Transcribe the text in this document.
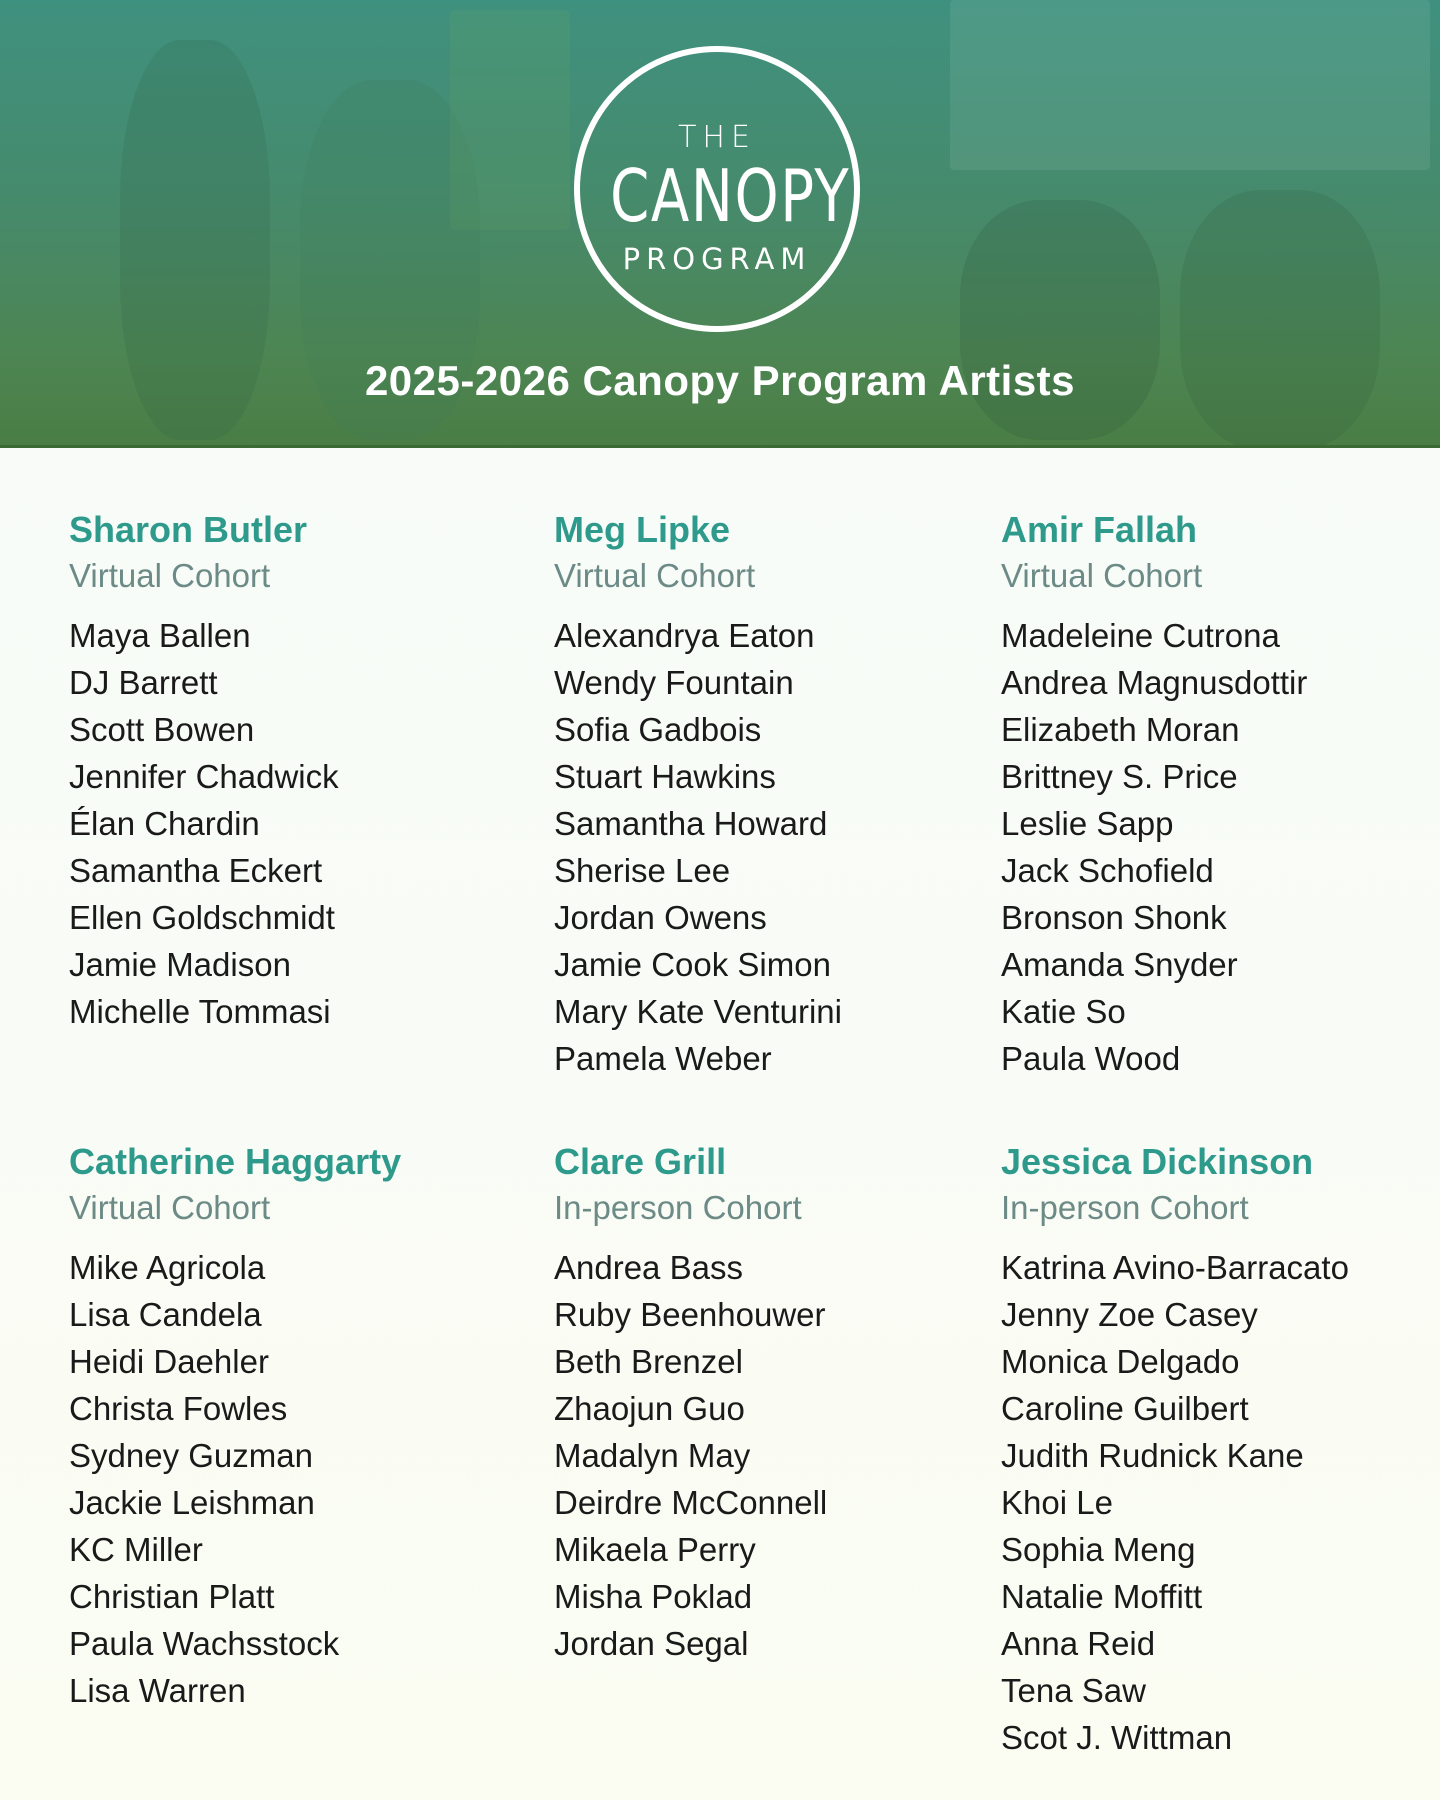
THE
CANOPY
PROGRAM
2025-2026 Canopy Program Artists
Sharon Butler
Virtual Cohort
Maya Ballen
DJ Barrett
Scott Bowen
Jennifer Chadwick
Élan Chardin
Samantha Eckert
Ellen Goldschmidt
Jamie Madison
Michelle Tommasi
Meg Lipke
Virtual Cohort
Alexandrya Eaton
Wendy Fountain
Sofia Gadbois
Stuart Hawkins
Samantha Howard
Sherise Lee
Jordan Owens
Jamie Cook Simon
Mary Kate Venturini
Pamela Weber
Amir Fallah
Virtual Cohort
Madeleine Cutrona
Andrea Magnusdottir
Elizabeth Moran
Brittney S. Price
Leslie Sapp
Jack Schofield
Bronson Shonk
Amanda Snyder
Katie So
Paula Wood
Catherine Haggarty
Virtual Cohort
Mike Agricola
Lisa Candela
Heidi Daehler
Christa Fowles
Sydney Guzman
Jackie Leishman
KC Miller
Christian Platt
Paula Wachsstock
Lisa Warren
Clare Grill
In-person Cohort
Andrea Bass
Ruby Beenhouwer
Beth Brenzel
Zhaojun Guo
Madalyn May
Deirdre McConnell
Mikaela Perry
Misha Poklad
Jordan Segal
Jessica Dickinson
In-person Cohort
Katrina Avino-Barracato
Jenny Zoe Casey
Monica Delgado
Caroline Guilbert
Judith Rudnick Kane
Khoi Le
Sophia Meng
Natalie Moffitt
Anna Reid
Tena Saw
Scot J. Wittman
